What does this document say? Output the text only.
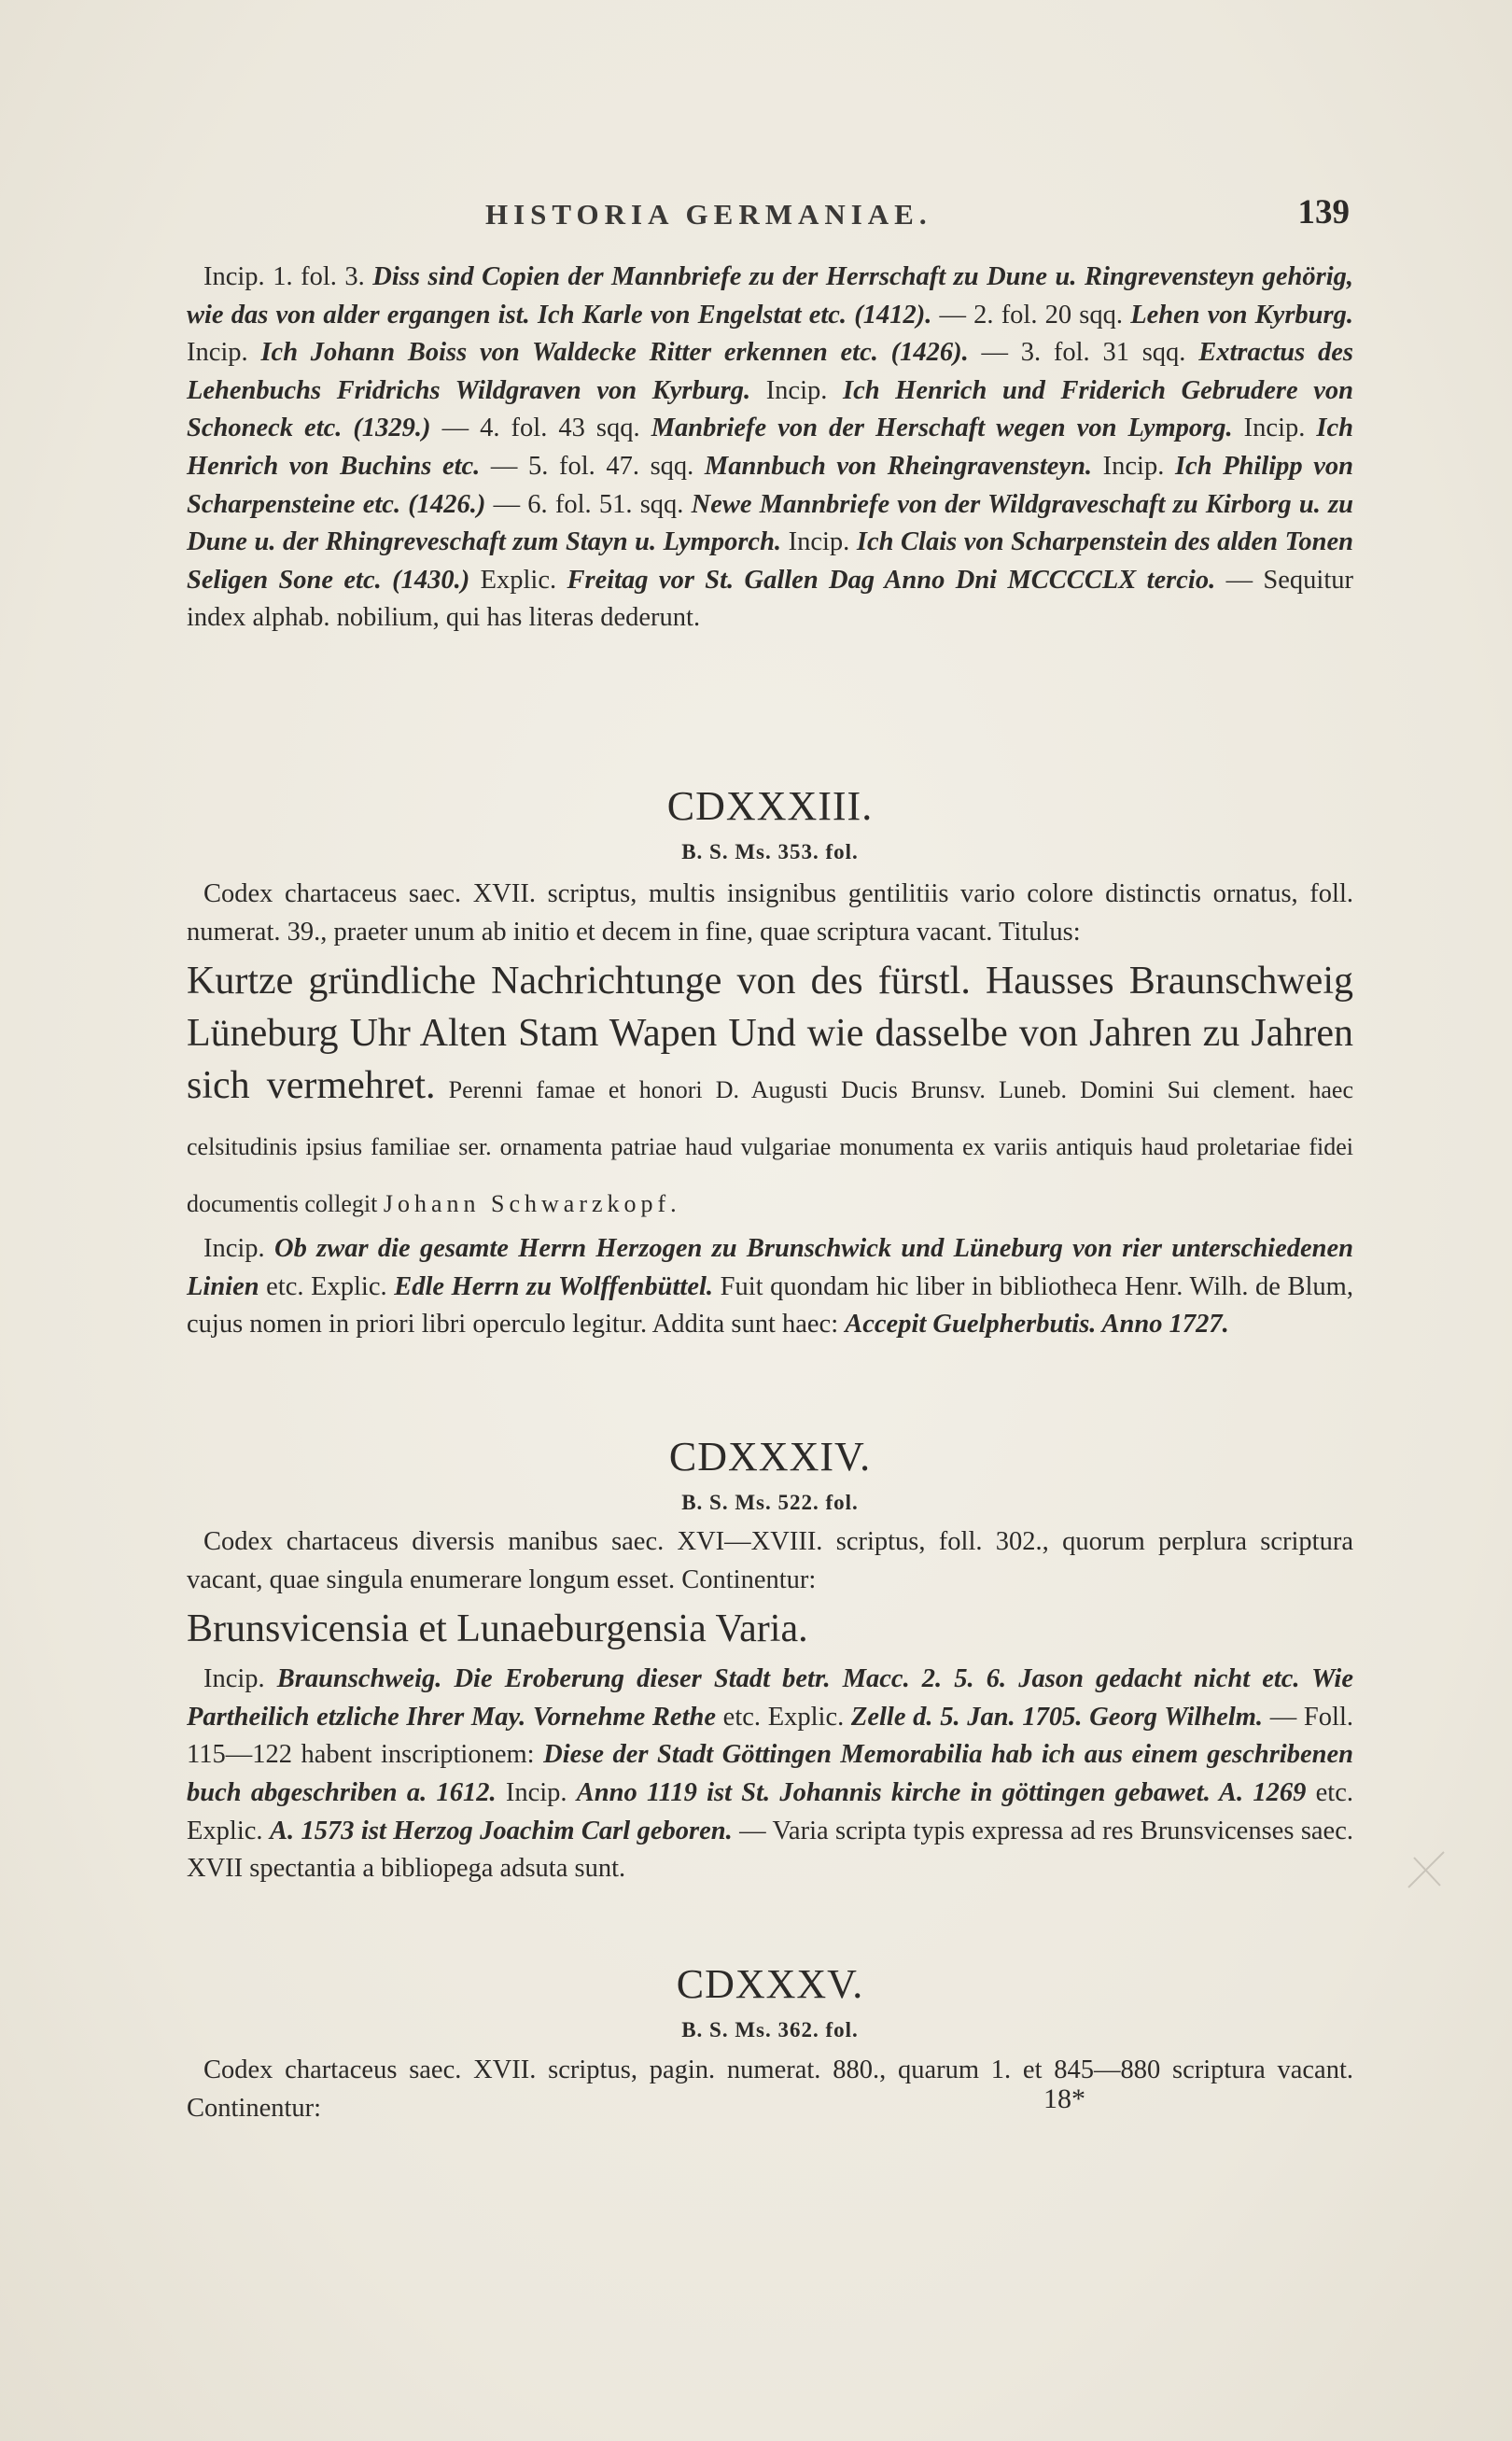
HISTORIA GERMANIAE.	139

Incip. 1. fol. 3. Diss sind Copien der Mannbriefe zu der Herrschaft zu Dune u. Ringrevensteyn gehörig, wie das von alder ergangen ist. Ich Karle von Engelstat etc. (1412). — 2. fol. 20 sqq. Lehen von Kyrburg. Incip. Ich Johann Boiss von Waldecke Ritter erkennen etc. (1426). — 3. fol. 31 sqq. Extractus des Lehenbuchs Fridrichs Wildgraven von Kyrburg. Incip. Ich Henrich und Friderich Gebrudere von Schoneck etc. (1329.) — 4. fol. 43 sqq. Manbriefe von der Herschaft wegen von Lymporg. Incip. Ich Henrich von Buchins etc. — 5. fol. 47. sqq. Mannbuch von Rheingravensteyn. Incip. Ich Philipp von Scharpensteine etc. (1426.) — 6. fol. 51. sqq. Newe Mannbriefe von der Wildgraveschaft zu Kirborg u. zu Dune u. der Rhingreveschaft zum Stayn u. Lymporch. Incip. Ich Clais von Scharpenstein des alden Tonen Seligen Sone etc. (1430.) Explic. Freitag vor St. Gallen Dag Anno Dni MCCCCLX tercio. — Sequitur index alphab. nobilium, qui has literas dederunt.

CDXXXIII.
B. S. Ms. 353. fol.

Codex chartaceus saec. XVII. scriptus, multis insignibus gentilitiis vario colore distinctis ornatus, foll. numerat. 39., praeter unum ab initio et decem in fine, quae scriptura vacant. Titulus:

Kurtze gründliche Nachrichtunge von des fürstl. Hausses Braunschweig Lüneburg Uhr Alten Stam Wapen Und wie dasselbe von Jahren zu Jahren sich vermehret. Perenni famae et honori D. Augusti Ducis Brunsv. Luneb. Domini Sui clement. haec celsitudinis ipsius familiae ser. ornamenta patriae haud vulgariae monumenta ex variis antiquis haud proletariae fidei documentis collegit Johann Schwarzkopf.

Incip. Ob zwar die gesamte Herrn Herzogen zu Brunschwick und Lüneburg von rier unterschiedenen Linien etc. Explic. Edle Herrn zu Wolffenbüttel. Fuit quondam hic liber in bibliotheca Henr. Wilh. de Blum, cujus nomen in priori libri operculo legitur. Addita sunt haec: Accepit Guelpherbutis. Anno 1727.

CDXXXIV.
B. S. Ms. 522. fol.

Codex chartaceus diversis manibus saec. XVI—XVIII. scriptus, foll. 302., quorum perplura scriptura vacant, quae singula enumerare longum esset. Continentur:

Brunsvicensia et Lunaeburgensia Varia.

Incip. Braunschweig. Die Eroberung dieser Stadt betr. Macc. 2. 5. 6. Jason gedacht nicht etc. Wie Partheilich etzliche Ihrer May. Vornehme Rethe etc. Explic. Zelle d. 5. Jan. 1705. Georg Wilhelm. — Foll. 115—122 habent inscriptionem: Diese der Stadt Göttingen Memorabilia hab ich aus einem geschribenen buch abgeschriben a. 1612. Incip. Anno 1119 ist St. Johannis kirche in göttingen gebawet. A. 1269 etc. Explic. A. 1573 ist Herzog Joachim Carl geboren. — Varia scripta typis expressa ad res Brunsvicenses saec. XVII spectantia a bibliopega adsuta sunt.

CDXXXV.
B. S. Ms. 362. fol.

Codex chartaceus saec. XVII. scriptus, pagin. numerat. 880., quarum 1. et 845—880 scriptura vacant. Continentur:	18*
